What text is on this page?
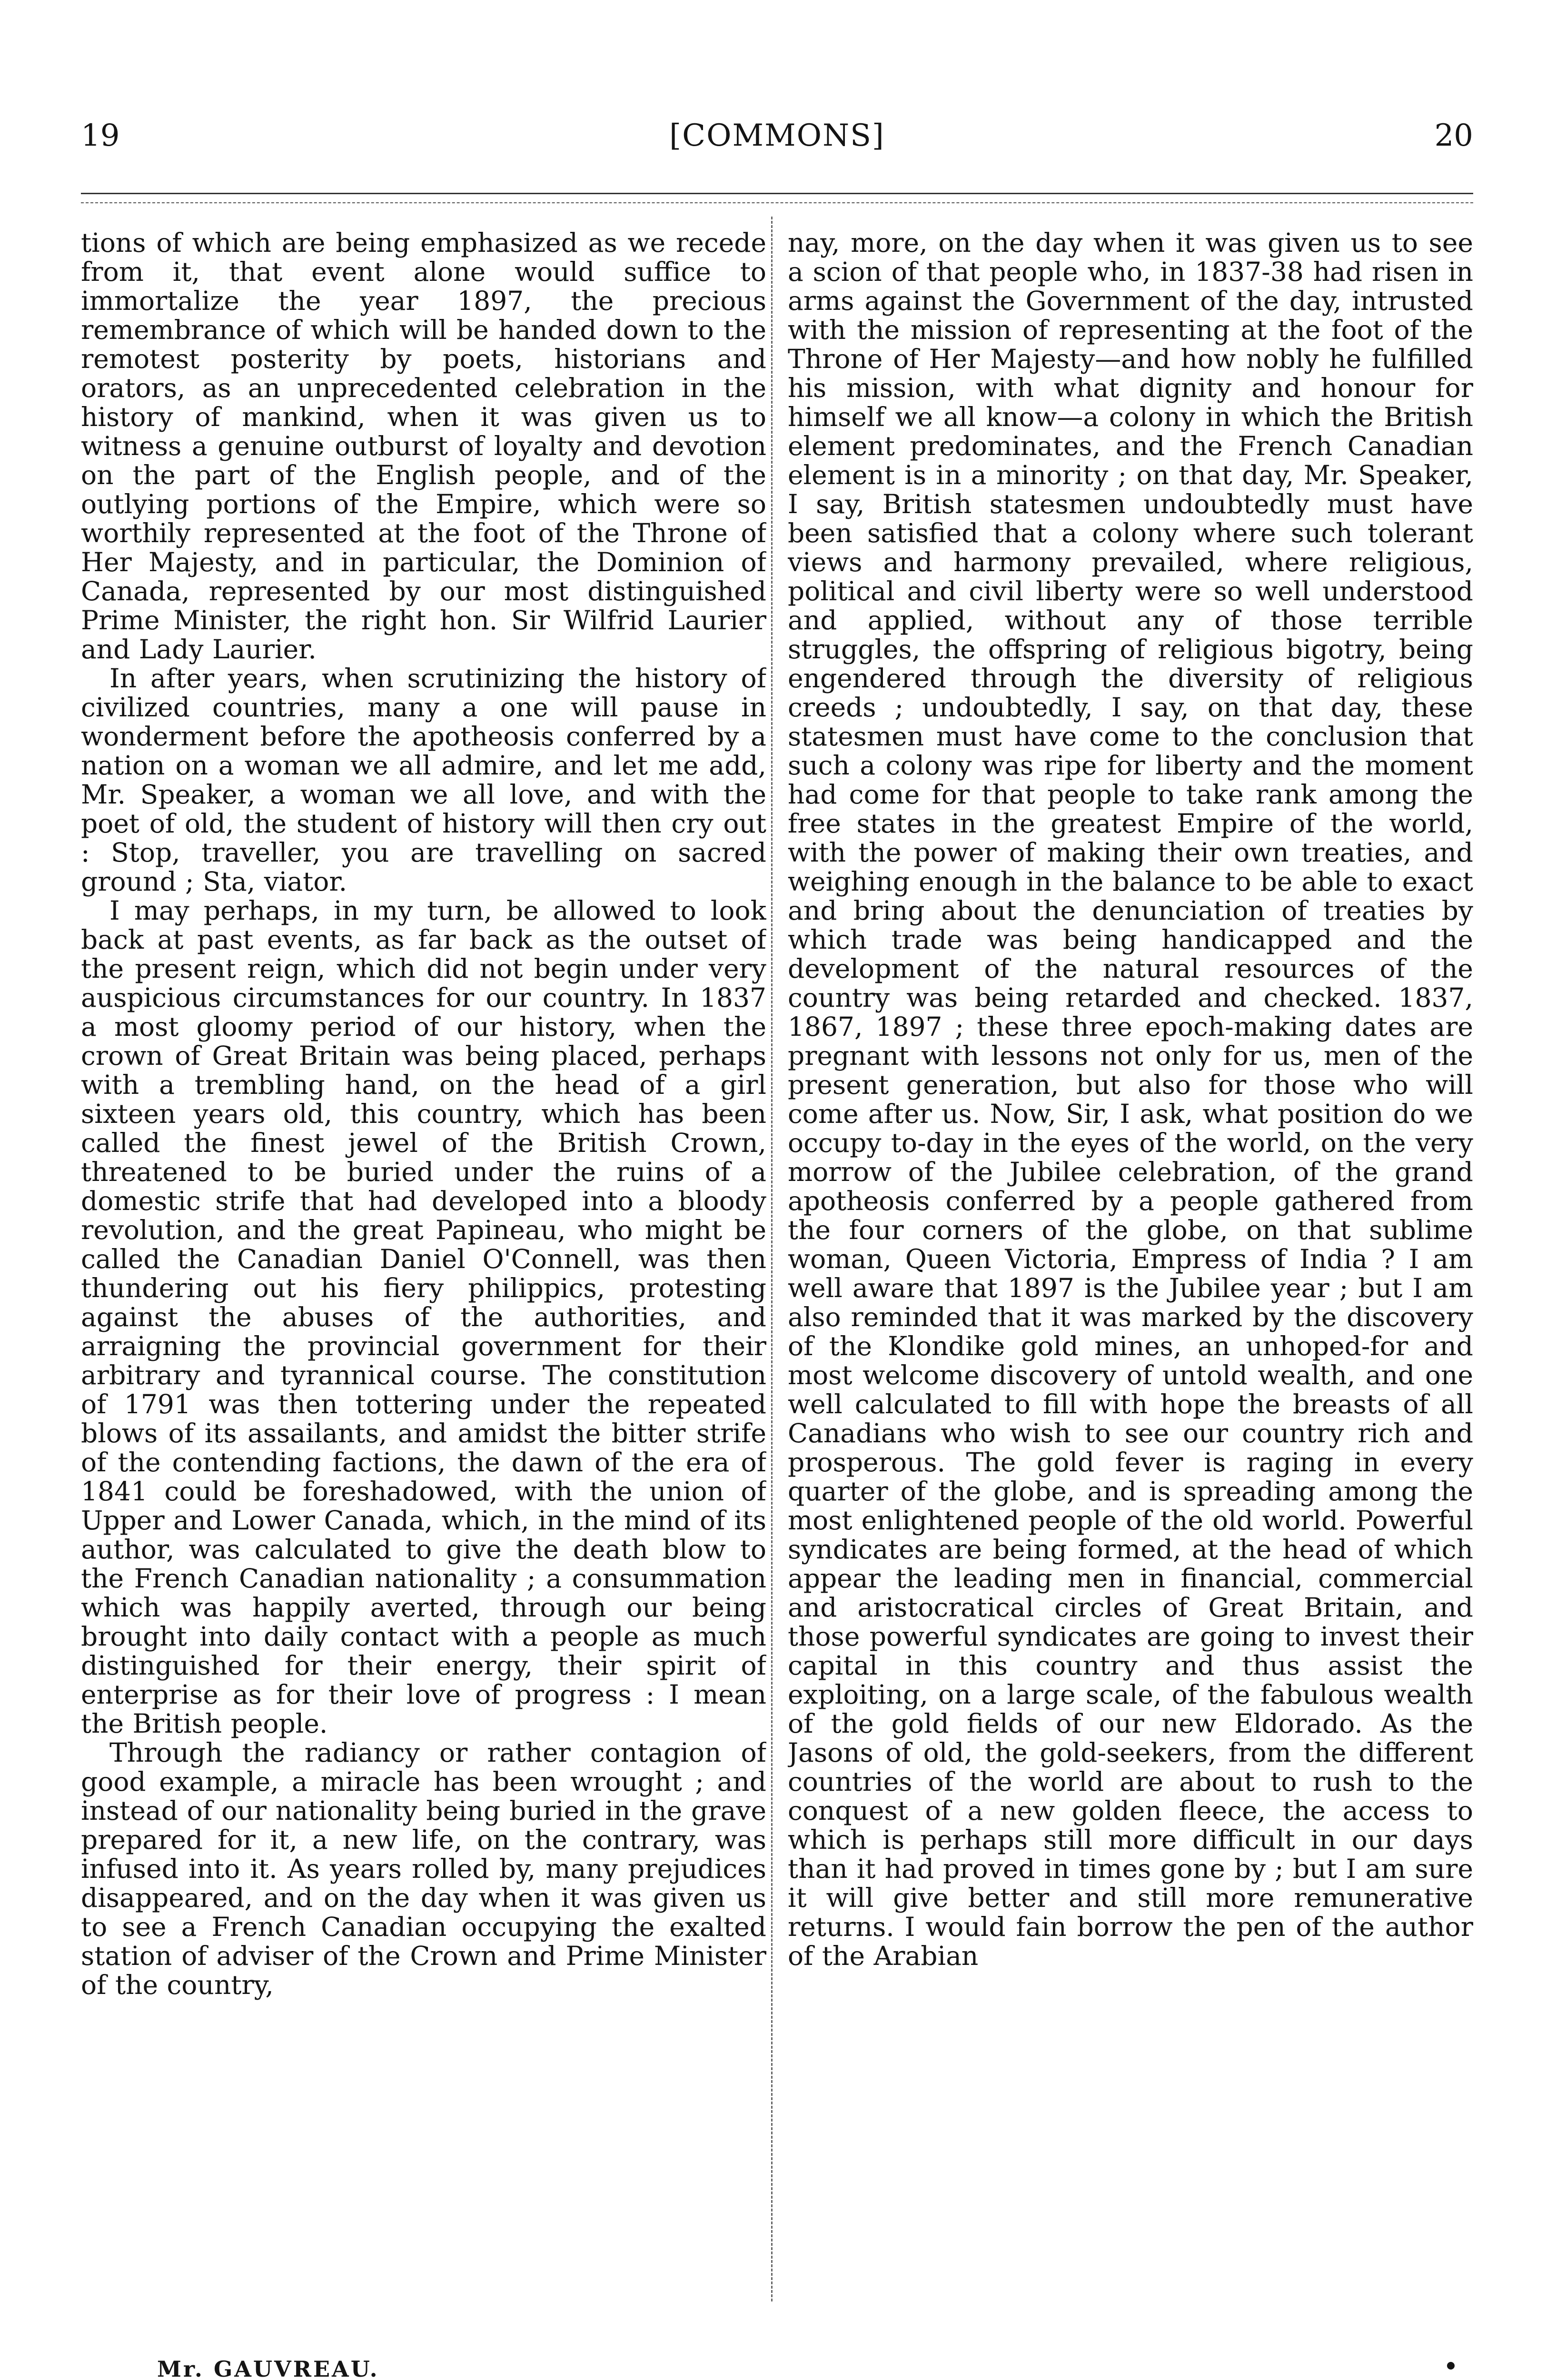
19	[COMMONS]	20

tions of which are being emphasized as we recede from it, that event alone would suffice to immortalize the year 1897, the precious remembrance of which will be handed down to the remotest posterity by poets, historians and orators, as an unprecedented celebration in the history of mankind, when it was given us to witness a genuine outburst of loyalty and devotion on the part of the English people, and of the outlying portions of the Empire, which were so worthily represented at the foot of the Throne of Her Majesty, and in particular, the Dominion of Canada, represented by our most distinguished Prime Minister, the right hon. Sir Wilfrid Laurier and Lady Laurier.

In after years, when scrutinizing the history of civilized countries, many a one will pause in wonderment before the apotheosis conferred by a nation on a woman we all admire, and let me add, Mr. Speaker, a woman we all love, and with the poet of old, the student of history will then cry out : Stop, traveller, you are travelling on sacred ground ; Sta, viator.

I may perhaps, in my turn, be allowed to look back at past events, as far back as the outset of the present reign, which did not begin under very auspicious circumstances for our country. In 1837 a most gloomy period of our history, when the crown of Great Britain was being placed, perhaps with a trembling hand, on the head of a girl sixteen years old, this country, which has been called the finest jewel of the British Crown, threatened to be buried under the ruins of a domestic strife that had developed into a bloody revolution, and the great Papineau, who might be called the Canadian Daniel O'Connell, was then thundering out his fiery philippics, protesting against the abuses of the authorities, and arraigning the provincial government for their arbitrary and tyrannical course. The constitution of 1791 was then tottering under the repeated blows of its assailants, and amidst the bitter strife of the contending factions, the dawn of the era of 1841 could be foreshadowed, with the union of Upper and Lower Canada, which, in the mind of its author, was calculated to give the death blow to the French Canadian nationality ; a consummation which was happily averted, through our being brought into daily contact with a people as much distinguished for their energy, their spirit of enterprise as for their love of progress : I mean the British people.

Through the radiancy or rather contagion of good example, a miracle has been wrought ; and instead of our nationality being buried in the grave prepared for it, a new life, on the contrary, was infused into it. As years rolled by, many prejudices disappeared, and on the day when it was given us to see a French Canadian occupying the exalted station of adviser of the Crown and Prime Minister of the country,

nay, more, on the day when it was given us to see a scion of that people who, in 1837-38 had risen in arms against the Government of the day, intrusted with the mission of representing at the foot of the Throne of Her Majesty—and how nobly he fulfilled his mission, with what dignity and honour for himself we all know—a colony in which the British element predominates, and the French Canadian element is in a minority ; on that day, Mr. Speaker, I say, British statesmen undoubtedly must have been satisfied that a colony where such tolerant views and harmony prevailed, where religious, political and civil liberty were so well understood and applied, without any of those terrible struggles, the offspring of religious bigotry, being engendered through the diversity of religious creeds ; undoubtedly, I say, on that day, these statesmen must have come to the conclusion that such a colony was ripe for liberty and the moment had come for that people to take rank among the free states in the greatest Empire of the world, with the power of making their own treaties, and weighing enough in the balance to be able to exact and bring about the denunciation of treaties by which trade was being handicapped and the development of the natural resources of the country was being retarded and checked. 1837, 1867, 1897 ; these three epoch-making dates are pregnant with lessons not only for us, men of the present generation, but also for those who will come after us. Now, Sir, I ask, what position do we occupy to-day in the eyes of the world, on the very morrow of the Jubilee celebration, of the grand apotheosis conferred by a people gathered from the four corners of the globe, on that sublime woman, Queen Victoria, Empress of India ? I am well aware that 1897 is the Jubilee year ; but I am also reminded that it was marked by the discovery of the Klondike gold mines, an unhoped-for and most welcome discovery of untold wealth, and one well calculated to fill with hope the breasts of all Canadians who wish to see our country rich and prosperous. The gold fever is raging in every quarter of the globe, and is spreading among the most enlightened people of the old world. Powerful syndicates are being formed, at the head of which appear the leading men in financial, commercial and aristocratical circles of Great Britain, and those powerful syndicates are going to invest their capital in this country and thus assist the exploiting, on a large scale, of the fabulous wealth of the gold fields of our new Eldorado. As the Jasons of old, the gold-seekers, from the different countries of the world are about to rush to the conquest of a new golden fleece, the access to which is perhaps still more difficult in our days than it had proved in times gone by ; but I am sure it will give better and still more remunerative returns. I would fain borrow the pen of the author of the Arabian

Mr. GAUVREAU.
